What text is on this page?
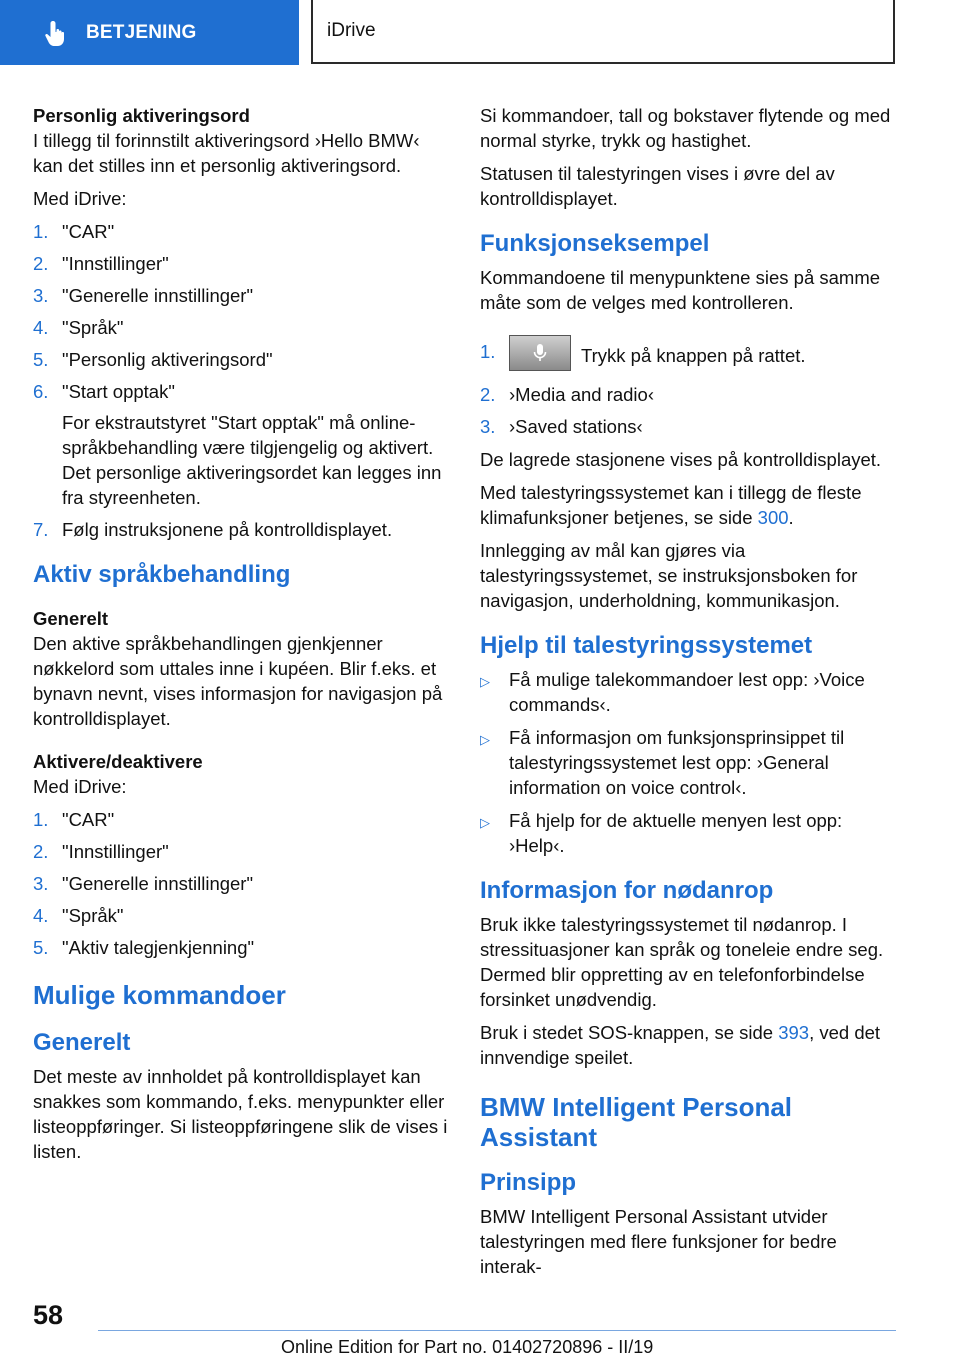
BETJENING	iDrive

Personlig aktiveringsord

I tillegg til forinnstilt aktiveringsord ›Hello BMW‹ kan det stilles inn et personlig aktiveringsord.

Med iDrive:

1. "CAR"
2. "Innstillinger"
3. "Generelle innstillinger"
4. "Språk"
5. "Personlig aktiveringsord"
6. "Start opptak"
For ekstrautstyret "Start opptak" må online-språkbehandling være tilgjengelig og aktivert. Det personlige aktiveringsordet kan legges inn fra styreenheten.
7. Følg instruksjonene på kontrolldisplayet.
Aktiv språkbehandling

Generelt

Den aktive språkbehandlingen gjenkjenner nøkkelord som uttales inne i kupéen. Blir f.eks. et bynavn nevnt, vises informasjon for navigasjon på kontrolldisplayet.

Aktivere/deaktivere

Med iDrive:

1. "CAR"
2. "Innstillinger"
3. "Generelle innstillinger"
4. "Språk"
5. "Aktiv talegjenkjenning"
Mulige kommandoer
Generelt

Det meste av innholdet på kontrolldisplayet kan snakkes som kommando, f.eks. menypunkter eller listeoppføringer. Si listeoppføringene slik de vises i listen.

Si kommandoer, tall og bokstaver flytende og med normal styrke, trykk og hastighet.

Statusen til talestyringen vises i øvre del av kontrolldisplayet.

Funksjonseksempel

Kommandoene til menypunktene sies på samme måte som de velges med kontrolleren.

1.	Trykk på knappen på rattet.
2. ›Media and radio‹
3. ›Saved stations‹

De lagrede stasjonene vises på kontrolldisplayet.

Med talestyringssystemet kan i tillegg de fleste klimafunksjoner betjenes, se side 300.

Innlegging av mål kan gjøres via talestyringssystemet, se instruksjonsboken for navigasjon, underholdning, kommunikasjon.

Hjelp til talestyringssystemet
▷	Få mulige talekommandoer lest opp: ›Voice commands‹.
▷	Få informasjon om funksjonsprinsippet til talestyringssystemet lest opp: ›General information on voice control‹.
▷	Få hjelp for de aktuelle menyen lest opp: ›Help‹.
Informasjon for nødanrop

Bruk ikke talestyringssystemet til nødanrop. I stressituasjoner kan språk og toneleie endre seg. Dermed blir oppretting av en telefonforbindelse forsinket unødvendig.

Bruk i stedet SOS-knappen, se side 393, ved det innvendige speilet.

BMW Intelligent Personal Assistant
Prinsipp

BMW Intelligent Personal Assistant utvider talestyringen med flere funksjoner for bedre interak-

58
Online Edition for Part no. 01402720896 - II/19
